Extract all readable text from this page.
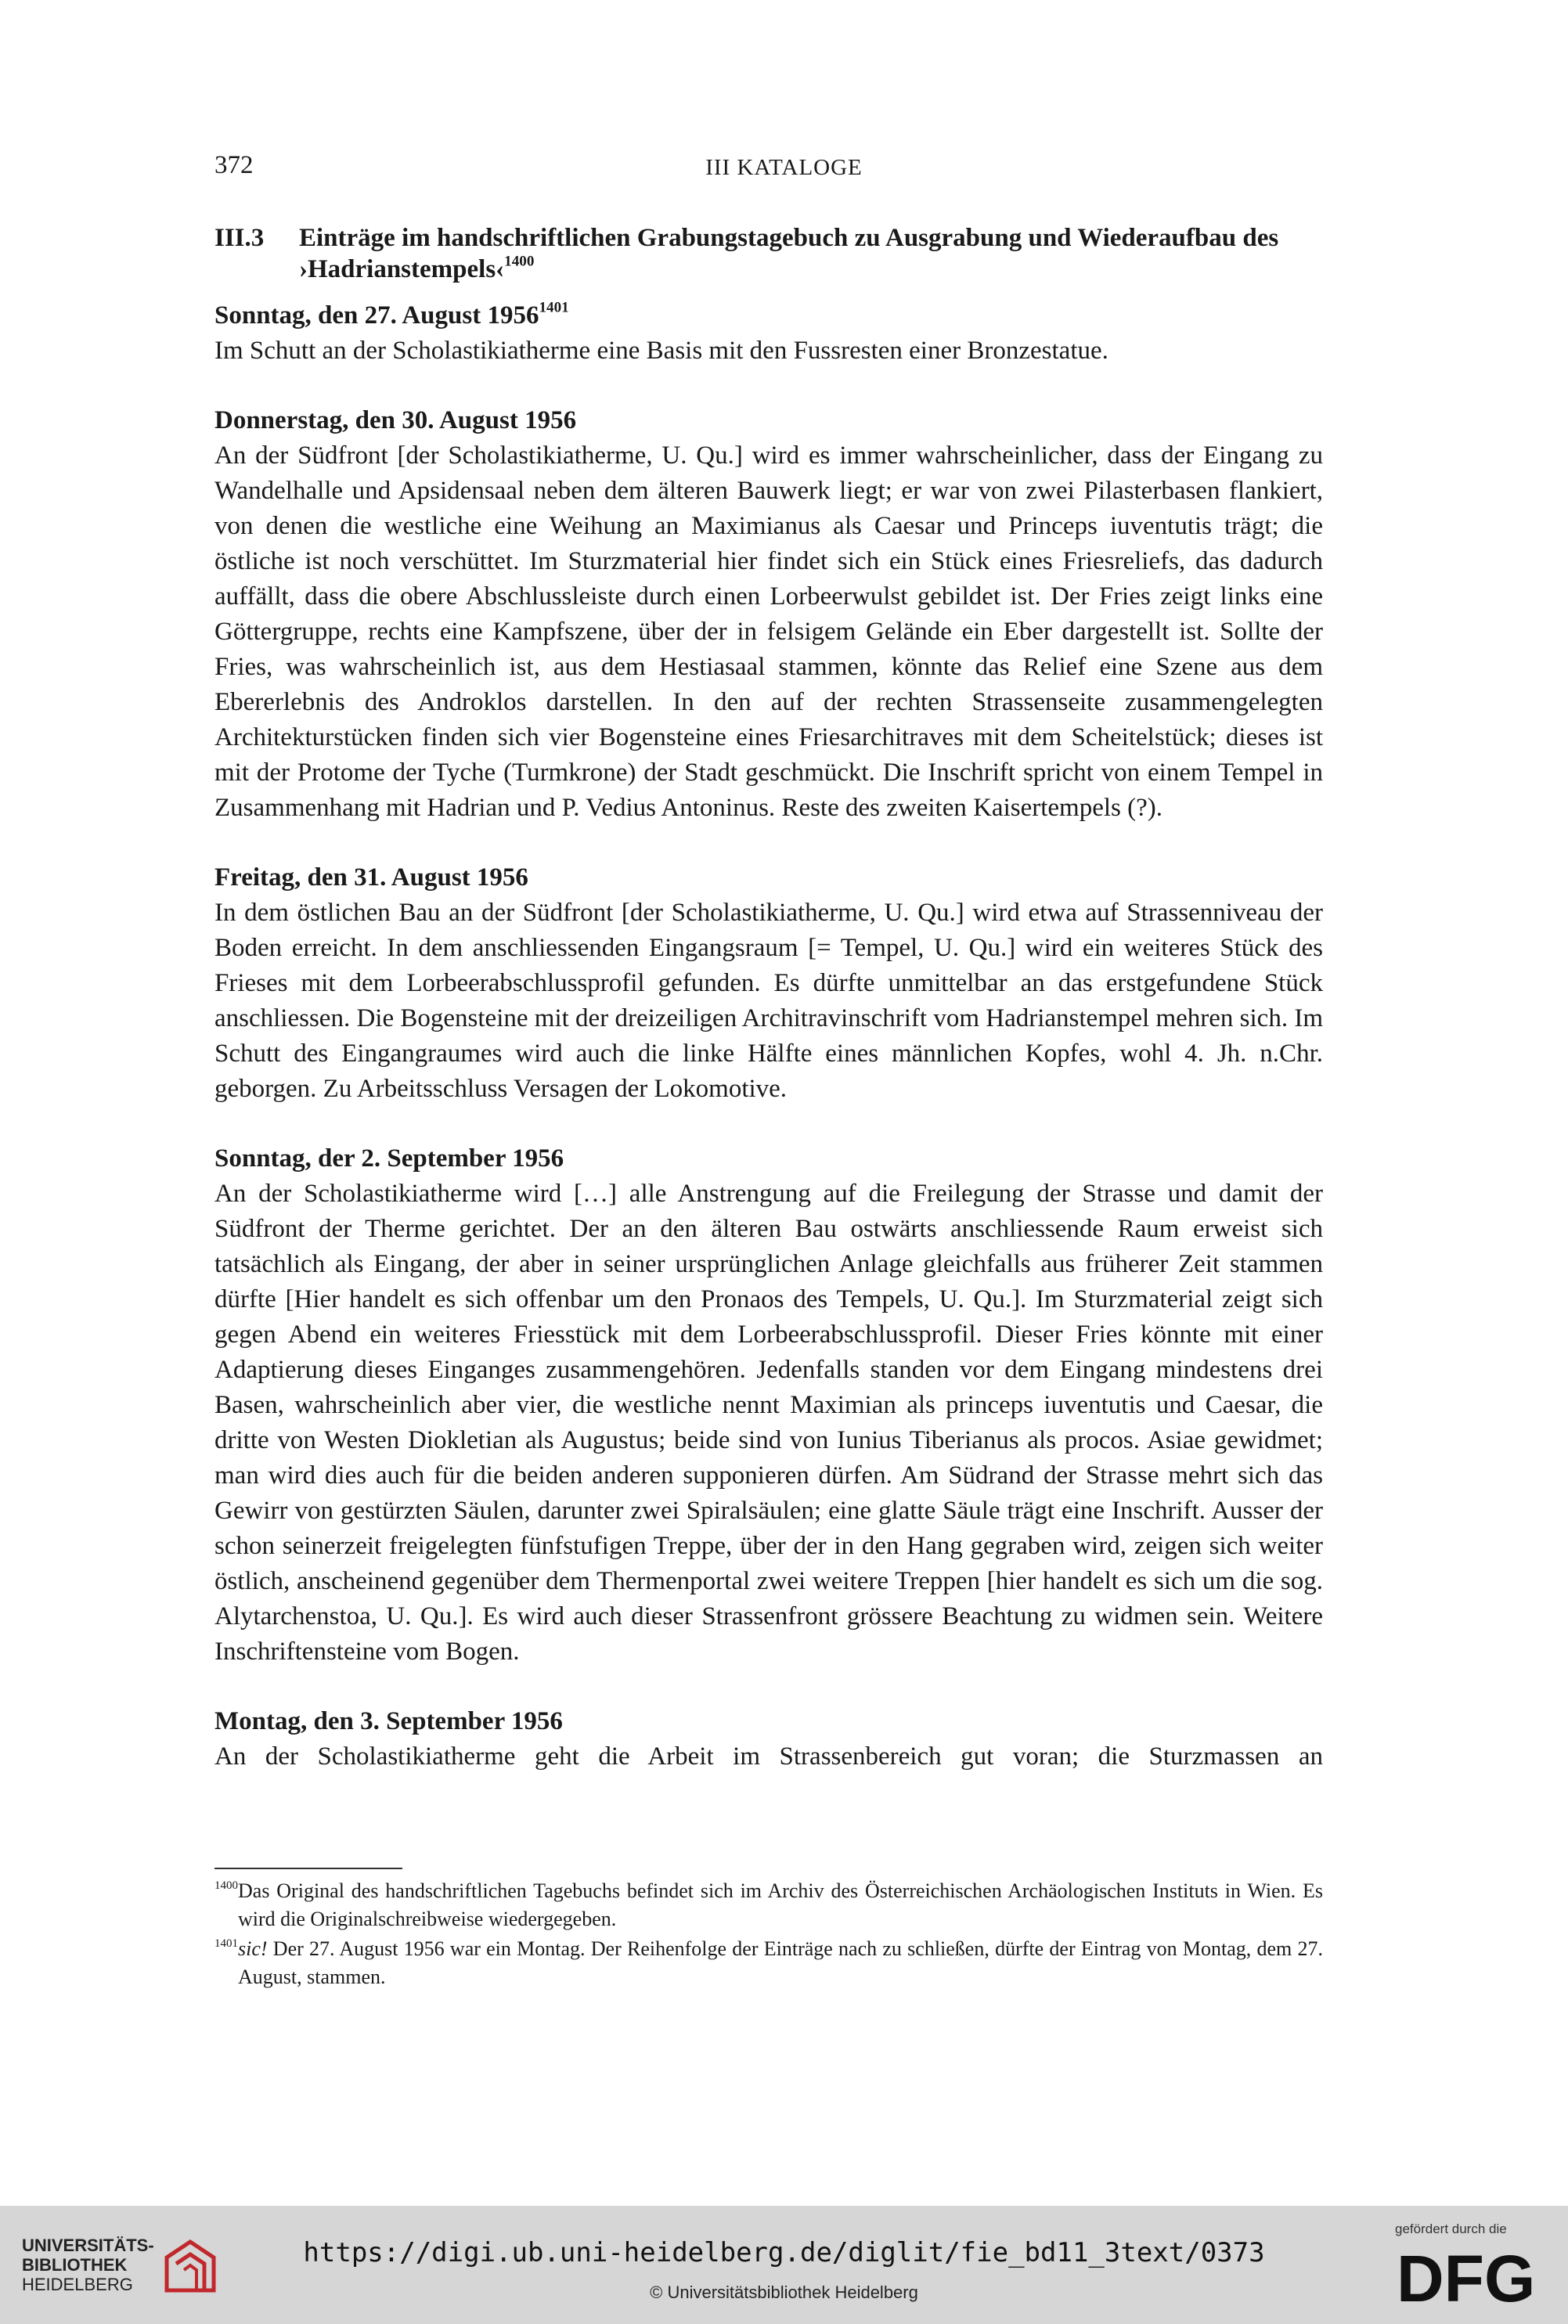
372	III KATALOGE
III.3	Einträge im handschriftlichen Grabungstagebuch zu Ausgrabung und Wiederaufbau des ›Hadrianstempels‹$^{1400}$

Sonntag, den 27. August $1956^{1401}$

Im Schutt an der Scholastikiatherme eine Basis mit den Fussresten einer Bronzestatue.

Donnerstag, den 30. August 1956

An der Südfront [der Scholastikiatherme, U. Qu.] wird es immer wahrscheinlicher, dass der Eingang zu Wandelhalle und Apsidensaal neben dem älteren Bauwerk liegt; er war von zwei Pilasterbasen flankiert, von denen die westliche eine Weihung an Maximianus als Caesar und Princeps iuventutis trägt; die östliche ist noch verschüttet. Im Sturzmaterial hier findet sich ein Stück eines Friesreliefs, das dadurch auffällt, dass die obere Abschlussleiste durch einen Lorbeerwulst gebildet ist. Der Fries zeigt links eine Göttergruppe, rechts eine Kampfszene, über der in felsigem Gelände ein Eber dargestellt ist. Sollte der Fries, was wahrscheinlich ist, aus dem Hestiasaal stammen, könnte das Relief eine Szene aus dem Ebererlebnis des Androklos darstellen. In den auf der rechten Strassenseite zusammengelegten Architekturstücken finden sich vier Bogensteine eines Friesarchitraves mit dem Scheitelstück; dieses ist mit der Protome der Tyche (Turmkrone) der Stadt geschmückt. Die Inschrift spricht von einem Tempel in Zusammenhang mit Hadrian und P. Vedius Antoninus. Reste des zweiten Kaisertempels (?).

Freitag, den 31. August 1956

In dem östlichen Bau an der Südfront [der Scholastikiatherme, U. Qu.] wird etwa auf Strassenniveau der Boden erreicht. In dem anschliessenden Eingangsraum [= Tempel, U. Qu.] wird ein weiteres Stück des Frieses mit dem Lorbeerabschlussprofil gefunden. Es dürfte unmittelbar an das erstgefundene Stück anschliessen. Die Bogensteine mit der dreizeiligen Architravinschrift vom Hadrianstempel mehren sich. Im Schutt des Eingangraumes wird auch die linke Hälfte eines männlichen Kopfes, wohl 4. Jh. n.Chr. geborgen. Zu Arbeitsschluss Versagen der Lokomotive.

Sonntag, der 2. September 1956

An der Scholastikiatherme wird […] alle Anstrengung auf die Freilegung der Strasse und damit der Südfront der Therme gerichtet. Der an den älteren Bau ostwärts anschliessende Raum erweist sich tatsächlich als Eingang, der aber in seiner ursprünglichen Anlage gleichfalls aus früherer Zeit stammen dürfte [Hier handelt es sich offenbar um den Pronaos des Tempels, U. Qu.]. Im Sturzmaterial zeigt sich gegen Abend ein weiteres Friesstück mit dem Lorbeerabschlussprofil. Dieser Fries könnte mit einer Adaptierung dieses Einganges zusammengehören. Jedenfalls standen vor dem Eingang mindestens drei Basen, wahrscheinlich aber vier, die westliche nennt Maximian als princeps iuventutis und Caesar, die dritte von Westen Diokletian als Augustus; beide sind von Iunius Tiberianus als procos. Asiae gewidmet; man wird dies auch für die beiden anderen supponieren dürfen. Am Südrand der Strasse mehrt sich das Gewirr von gestürzten Säulen, darunter zwei Spiralsäulen; eine glatte Säule trägt eine Inschrift. Ausser der schon seinerzeit freigelegten fünfstufigen Treppe, über der in den Hang gegraben wird, zeigen sich weiter östlich, anscheinend gegenüber dem Thermenportal zwei weitere Treppen [hier handelt es sich um die sog. Alytarchenstoa, U. Qu.]. Es wird auch dieser Strassenfront grössere Beachtung zu widmen sein. Weitere Inschriftensteine vom Bogen.

Montag, den 3. September 1956

An der Scholastikiatherme geht die Arbeit im Strassenbereich gut voran; die Sturzmassen an

1400 Das Original des handschriftlichen Tagebuchs befindet sich im Archiv des Österreichischen Archäologischen Instituts in Wien. Es wird die Originalschreibweise wiedergegeben.
1401 sic! Der 27. August 1956 war ein Montag. Der Reihenfolge der Einträge nach zu schließen, dürfte der Eintrag von Montag, dem 27. August, stammen.
UNIVERSITÄTS-
BIBLIOTHEK
HEIDELBERG
https://digi.ub.uni-heidelberg.de/diglit/fie_bd11_3text/0373
© Universitätsbibliothek Heidelberg
gefördert durch die
DFG
